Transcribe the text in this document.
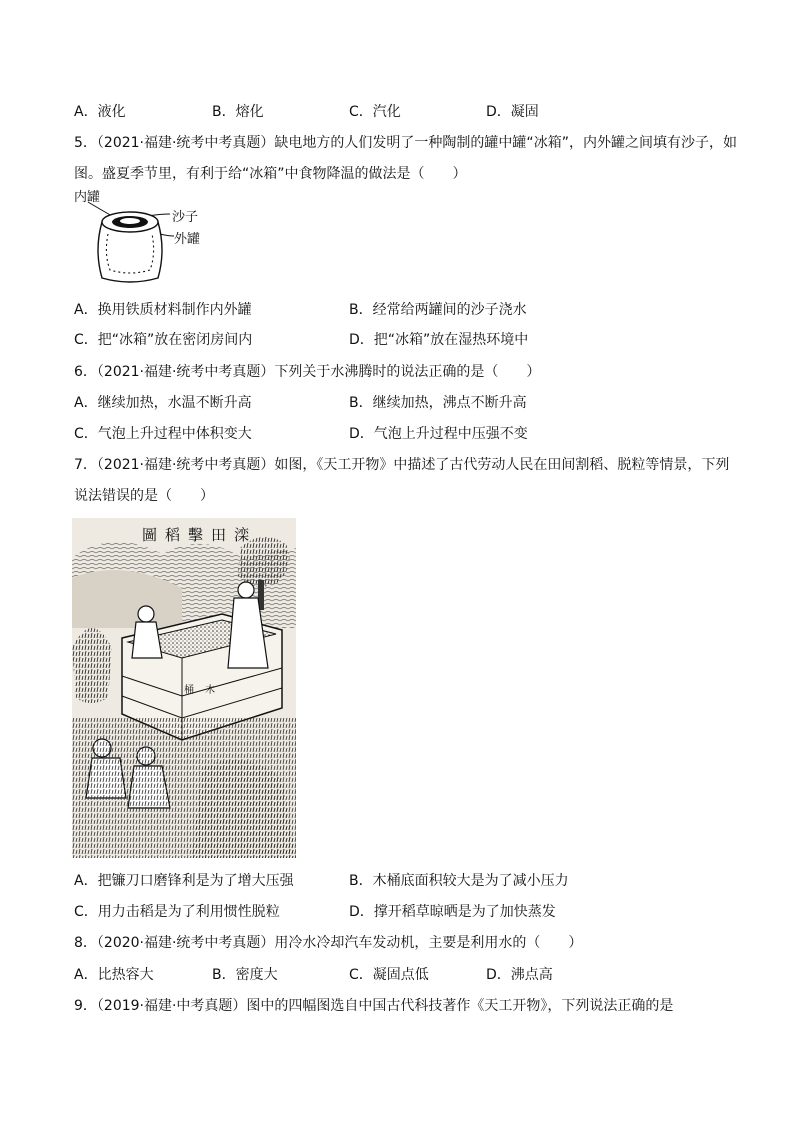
A．液化	B．熔化	C．汽化	D．凝固
5．（2021·福建·统考中考真题）缺电地方的人们发明了一种陶制的罐中罐“冰箱”，内外罐之间填有沙子，如
图。盛夏季节里，有利于给“冰箱”中食物降温的做法是（　　）
内罐
沙子
外罐
A．换用铁质材料制作内外罐	B．经常给两罐间的沙子浇水
C．把“冰箱”放在密闭房间内	D．把“冰箱”放在湿热环境中
6．（2021·福建·统考中考真题）下列关于水沸腾时的说法正确的是（　　）
A．继续加热，水温不断升高	B．继续加热，沸点不断升高
C．气泡上升过程中体积变大	D．气泡上升过程中压强不变
7．（2021·福建·统考中考真题）如图，《天工开物》中描述了古代劳动人民在田间割稻、脱粒等情景，下列
说法错误的是（　　）
滦田擊稻圖
木 桶
A．把镰刀口磨锋利是为了增大压强	B．木桶底面积较大是为了减小压力
C．用力击稻是为了利用惯性脱粒	D．撑开稻草晾晒是为了加快蒸发
8．（2020·福建·统考中考真题）用冷水冷却汽车发动机，主要是利用水的（　　）
A．比热容大	B．密度大	C．凝固点低	D．沸点高
9．（2019·福建·中考真题）图中的四幅图选自中国古代科技著作《天工开物》，下列说法正确的是
